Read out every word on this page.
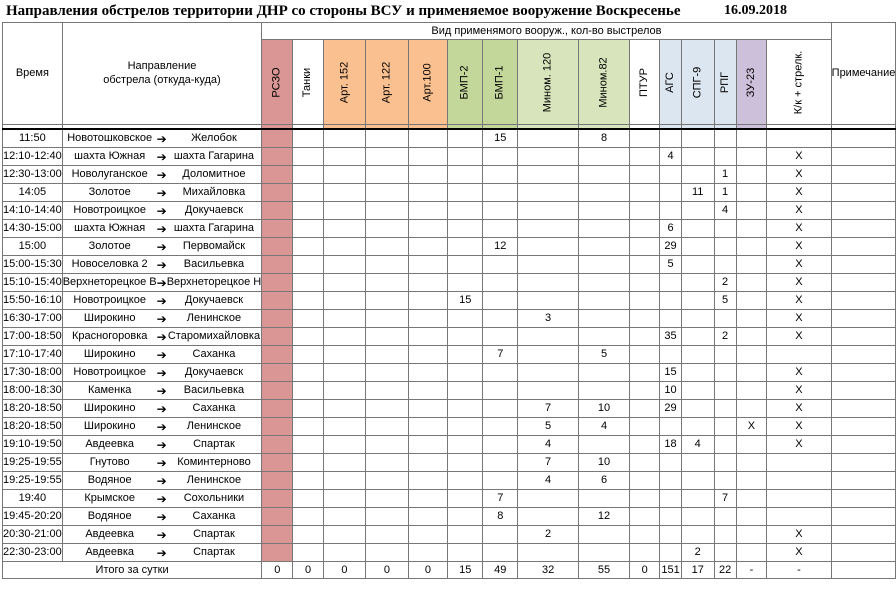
Направления обстрелов территории ДНР со стороны ВСУ и применяемое вооружение Воскресенье	16.09.2018
Время	Направление
обстрела (откуда-куда)			Вид применямого вооруж., кол-во выстрелов															Примечание
				РСЗО	Танки	Арт. 152	Арт. 122	Арт.100	БМП-2	БМП-1	Мином. 120	Мином.82	ПТУР	АГС	СПГ-9	РПГ	ЗУ-23	К/к + стрелк.	

11:50	Новотошковское	➔	Желобок							15		8							
12:10-12:40	шахта Южная	➔	шахта Гагарина											4				Х	
12:30-13:00	Новолуганское	➔	Доломитное													1		Х	
14:05	Золотое	➔	Михайловка												11	1		Х	
14:10-14:40	Новотроицкое	➔	Докучаевск													4		Х	
14:30-15:00	шахта Южная	➔	шахта Гагарина											6				Х	
15:00	Золотое	➔	Первомайск							12				29				Х	
15:00-15:30	Новоселовка 2	➔	Васильевка											5				Х	
15:10-15:40	Верхнеторецкое В	➔	Верхнеторецкое Н													2		Х	
15:50-16:10	Новотроицкое	➔	Докучаевск						15							5		Х	
16:30-17:00	Широкино	➔	Ленинское								3							Х	
17:00-18:50	Красногоровка	➔	Старомихайловка											35		2		Х	
17:10-17:40	Широкино	➔	Саханка							7		5							
17:30-18:00	Новотроицкое	➔	Докучаевск											15				Х	
18:00-18:30	Каменка	➔	Васильевка											10				Х	
18:20-18:50	Широкино	➔	Саханка								7	10		29				Х	
18:20-18:50	Широкино	➔	Ленинское								5	4					Х	Х	
19:10-19:50	Авдеевка	➔	Спартак								4			18	4			Х	
19:25-19:55	Гнутово	➔	Коминтерново								7	10							
19:25-19:55	Водяное	➔	Ленинское								4	6							
19:40	Крымское	➔	Сохольники							7						7			
19:45-20:20	Водяное	➔	Саханка							8		12							
20:30-21:00	Авдеевка	➔	Спартак								2							Х	
22:30-23:00	Авдеевка	➔	Спартак												2			Х	
Итого за сутки				0	0	0	0	0	15	49	32	55	0	151	17	22	-	-	
